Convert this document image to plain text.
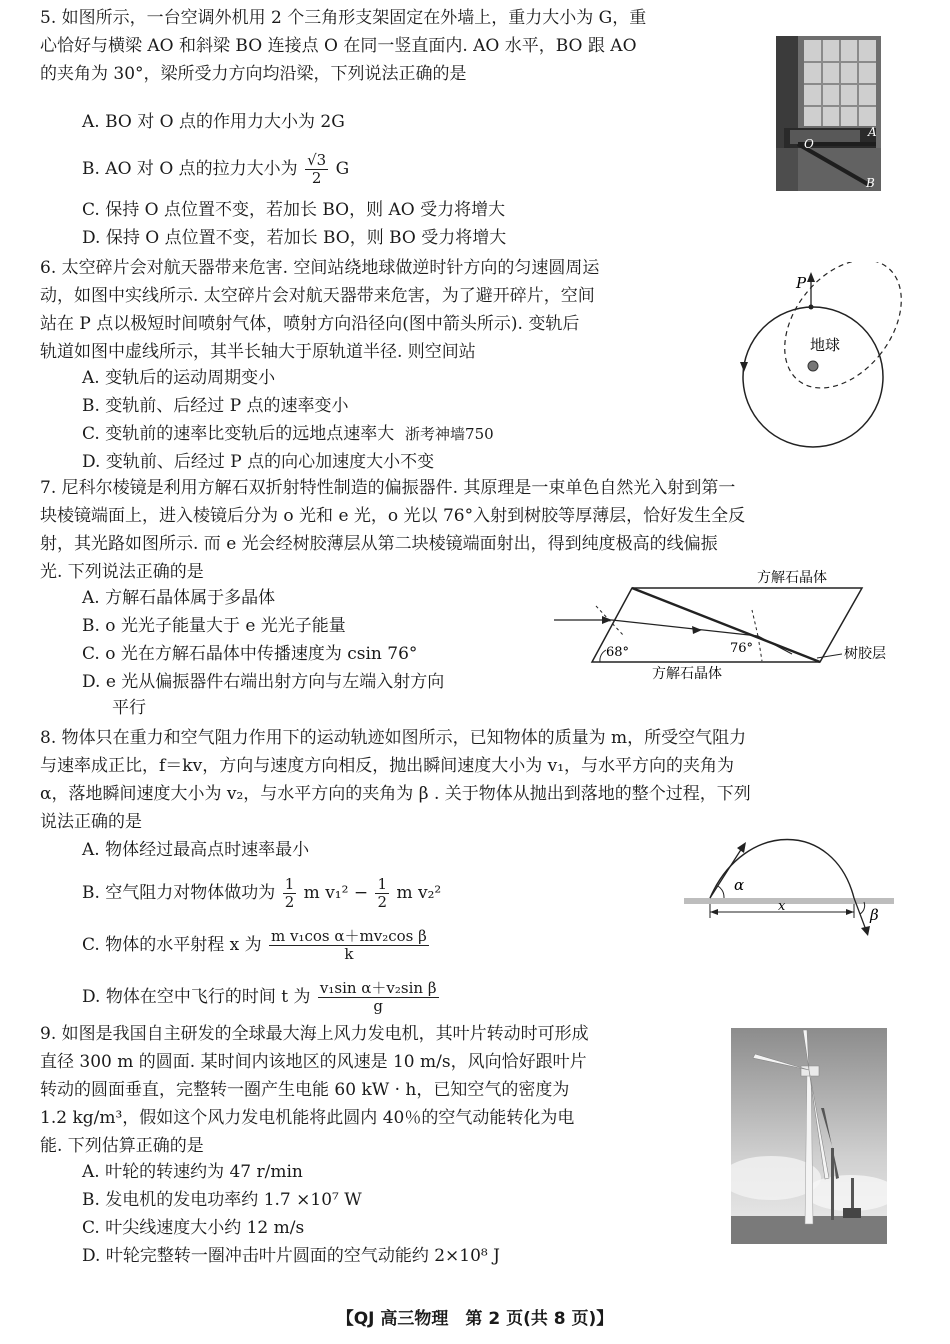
5. 如图所示，一台空调外机用 2 个三角形支架固定在外墙上，重力大小为 G，重
心恰好与横梁 AO 和斜梁 BO 连接点 O 在同一竖直面内. AO 水平，BO 跟 AO
的夹角为 30°，梁所受力方向均沿梁，下列说法正确的是
A. BO 对 O 点的作用力大小为 2G
B. AO 对 O 点的拉力大小为 $\frac{√3}{2}$ G
C. 保持 O 点位置不变，若加长 BO，则 AO 受力将增大
D. 保持 O 点位置不变，若加长 BO，则 BO 受力将增大
O
A
B
6. 太空碎片会对航天器带来危害. 空间站绕地球做逆时针方向的匀速圆周运
动，如图中实线所示. 太空碎片会对航天器带来危害，为了避开碎片，空间
站在 P 点以极短时间喷射气体，喷射方向沿径向(图中箭头所示). 变轨后
轨道如图中虚线所示，其半长轴大于原轨道半径. 则空间站
A. 变轨后的运动周期变小
B. 变轨前、后经过 P 点的速率变小
C. 变轨前的速率比变轨后的远地点速率大 浙考神墙750
D. 变轨前、后经过 P 点的向心加速度大小不变
P
地球
7. 尼科尔棱镜是利用方解石双折射特性制造的偏振器件. 其原理是一束单色自然光入射到第一
块棱镜端面上，进入棱镜后分为 o 光和 e 光，o 光以 76°入射到树胶等厚薄层，恰好发生全反
射，其光路如图所示. 而 e 光会经树胶薄层从第二块棱镜端面射出，得到纯度极高的线偏振
光. 下列说法正确的是
A. 方解石晶体属于多晶体
B. o 光光子能量大于 e 光光子能量
C. o 光在方解石晶体中传播速度为 csin 76°
D. e 光从偏振器件右端出射方向与左端入射方向
平行
方解石晶体
方解石晶体
树胶层
68°	76°
8. 物体只在重力和空气阻力作用下的运动轨迹如图所示，已知物体的质量为 m，所受空气阻力
与速率成正比，f＝kv，方向与速度方向相反，抛出瞬间速度大小为 v₁，与水平方向的夹角为
α，落地瞬间速度大小为 v₂，与水平方向的夹角为 β . 关于物体从抛出到落地的整个过程，下列
说法正确的是
A. 物体经过最高点时速率最小
B. 空气阻力对物体做功为 $\frac{1}{2}$ m $v_1^2 - \frac{1}{2}$ m v₂²
C. 物体的水平射程 x 为 $\frac{\text{m v₁cos α＋mv₂cos β}}{k}$
D. 物体在空中飞行的时间 t 为 $\frac{\text{v₁sin α＋v₂sin β}}{g}$
α
β
x
9. 如图是我国自主研发的全球最大海上风力发电机，其叶片转动时可形成
直径 300 m 的圆面. 某时间内该地区的风速是 10 m/s，风向恰好跟叶片
转动的圆面垂直，完整转一圈产生电能 60 kW · h，已知空气的密度为
1.2 kg/m³，假如这个风力发电机能将此圆内 40％的空气动能转化为电
能. 下列估算正确的是
A. 叶轮的转速约为 47 r/min
B. 发电机的发电功率约 1.7 ×10⁷ W
C. 叶尖线速度大小约 12 m/s
D. 叶轮完整转一圈冲击叶片圆面的空气动能约 2×10⁸ J
【QJ 高三物理　第 2 页(共 8 页)】
